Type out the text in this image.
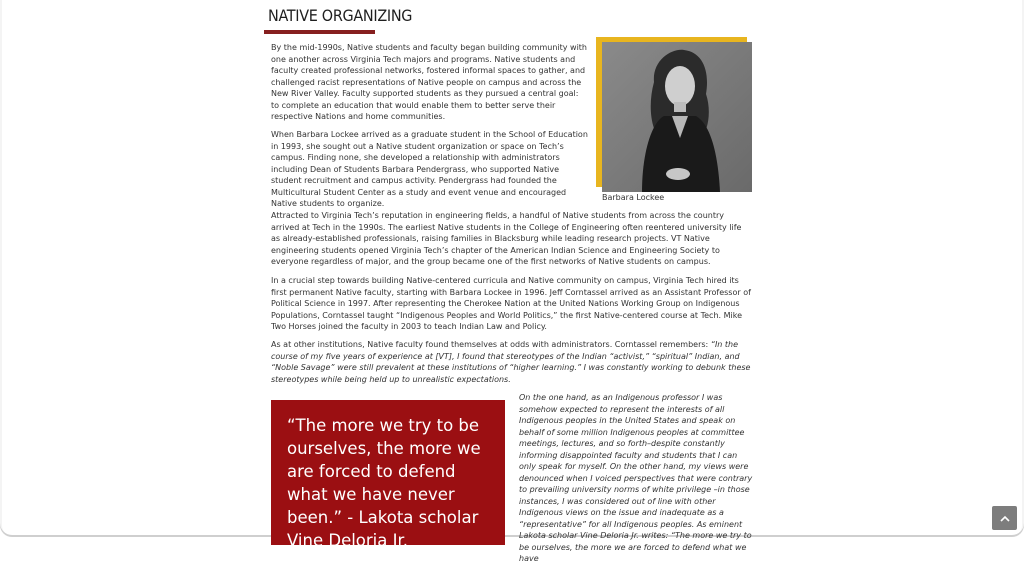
NATIVE ORGANIZING

By the mid-1990s, Native students and faculty began building community with one another across Virginia Tech majors and programs. Native students and faculty created professional networks, fostered informal spaces to gather, and challenged racist representations of Native people on campus and across the New River Valley. Faculty supported students as they pursued a central goal: to complete an education that would enable them to better serve their respective Nations and home communities.

When Barbara Lockee arrived as a graduate student in the School of Education in 1993, she sought out a Native student organization or space on Tech’s campus. Finding none, she developed a relationship with administrators including Dean of Students Barbara Pendergrass, who supported Native student recruitment and campus activity. Pendergrass had founded the Multicultural Student Center as a study and event venue and encouraged Native students to organize.

Barbara Lockee

Attracted to Virginia Tech’s reputation in engineering fields, a handful of Native students from across the country arrived at Tech in the 1990s. The earliest Native students in the College of Engineering often reentered university life as already-established professionals, raising families in Blacksburg while leading research projects. VT Native engineering students opened Virginia Tech’s chapter of the American Indian Science and Engineering Society to everyone regardless of major, and the group became one of the first networks of Native students on campus.

In a crucial step towards building Native-centered curricula and Native community on campus, Virginia Tech hired its first permanent Native faculty, starting with Barbara Lockee in 1996. Jeff Corntassel arrived as an Assistant Professor of Political Science in 1997. After representing the Cherokee Nation at the United Nations Working Group on Indigenous Populations, Corntassel taught “Indigenous Peoples and World Politics,” the first Native-centered course at Tech. Mike Two Horses joined the faculty in 2003 to teach Indian Law and Policy.

As at other institutions, Native faculty found themselves at odds with administrators. Corntassel remembers: “In the course of my five years of experience at [VT], I found that stereotypes of the Indian “activist,” “spiritual” Indian, and “Noble Savage” were still prevalent at these institutions of “higher learning.” I was constantly working to debunk these stereotypes while being held up to unrealistic expectations.

“The more we try to be ourselves, the more we are forced to defend what we have never been.” - Lakota scholar Vine Deloria Jr.

On the one hand, as an Indigenous professor I was somehow expected to represent the interests of all Indigenous peoples in the United States and speak on behalf of some million Indigenous peoples at committee meetings, lectures, and so forth–despite constantly informing disappointed faculty and students that I can only speak for myself. On the other hand, my views were denounced when I voiced perspectives that were contrary to prevailing university norms of white privilege –in those instances, I was considered out of line with other Indigenous views on the issue and inadequate as a “representative” for all Indigenous peoples. As eminent Lakota scholar Vine Deloria Jr. writes: “The more we try to be ourselves, the more we are forced to defend what we have
